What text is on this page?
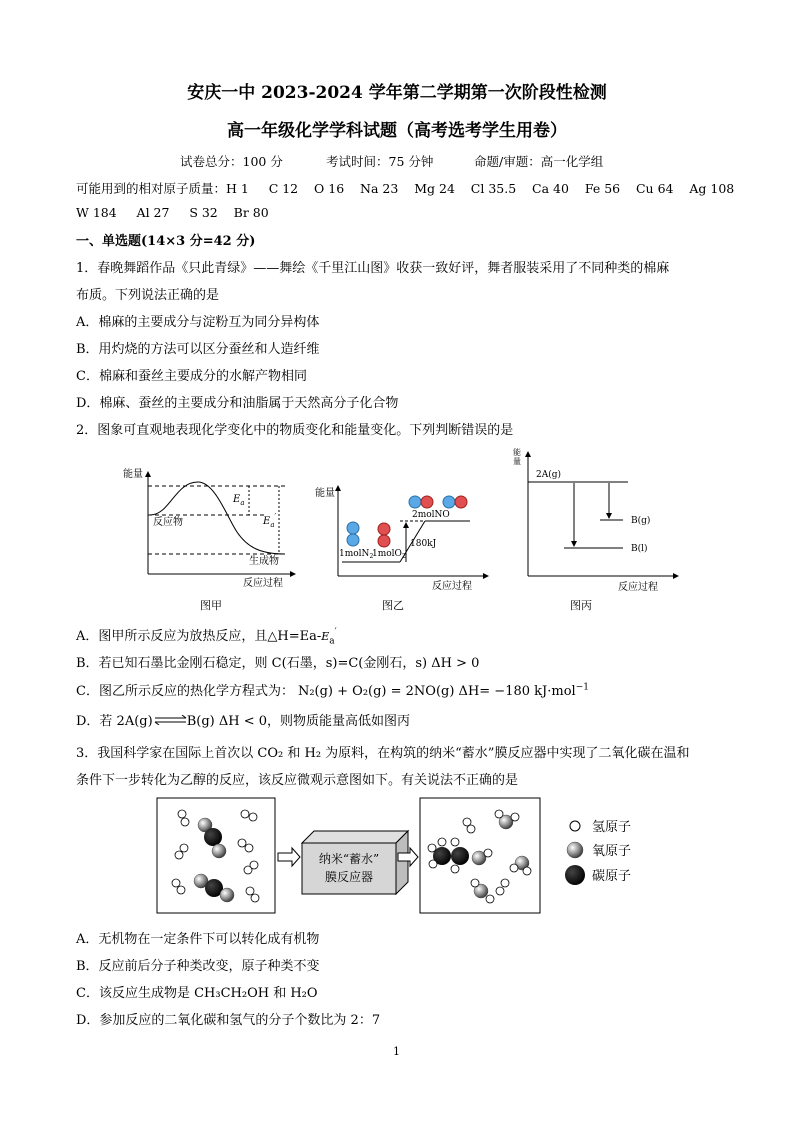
安庆一中 2023-2024 学年第二学期第一次阶段性检测
高一年级化学学科试题（高考选考学生用卷）
试卷总分：100 分	考试时间：75 分钟	命题/审题：高一化学组
可能用到的相对原子质量：H 1     C 12    O 16    Na 23    Mg 24    Cl 35.5    Ca 40    Fe 56    Cu 64    Ag 108
W 184     Al 27     S 32    Br 80
一、单选题(14×3 分=42 分)
1．春晚舞蹈作品《只此青绿》——舞绘《千里江山图》收获一致好评，舞者服装采用了不同种类的棉麻
布质。下列说法正确的是
A．棉麻的主要成分与淀粉互为同分异构体
B．用灼烧的方法可以区分蚕丝和人造纤维
C．棉麻和蚕丝主要成分的水解产物相同
D．棉麻、蚕丝的主要成分和油脂属于天然高分子化合物
2．图象可直观地表现化学变化中的物质变化和能量变化。下列判断错误的是
能量
反应物
生成物
反应过程
$E_a$
$E_a'$
图甲
能量
2molNO
180kJ
1molN$_2$
1molO$_2$
反应过程
图乙
能量
2A(g)
B(g)
B(l)
反应过程
图丙
A．图甲所示反应为放热反应，且$\triangle H=Ea-E_a'$
B．若已知石墨比金刚石稳定，则 C(石墨，s)=C(金刚石，s) ΔH > 0
C．图乙所示反应的热化学方程式为： N₂(g) + O₂(g) = 2NO(g) ΔH= −180 kJ·mol$^{-1}$
D．若 2A(g)⇌B(g) ΔH < 0，则物质能量高低如图丙
3．我国科学家在国际上首次以 CO₂ 和 H₂ 为原料，在构筑的纳米“蓄水”膜反应器中实现了二氧化碳在温和
条件下一步转化为乙醇的反应，该反应微观示意图如下。有关说法不正确的是
纳米“蓄水”
膜反应器
氢原子
氧原子
碳原子
A．无机物在一定条件下可以转化成有机物
B．反应前后分子种类改变，原子种类不变
C．该反应生成物是 CH₃CH₂OH 和 H₂O
D．参加反应的二氧化碳和氢气的分子个数比为 2：7
1
